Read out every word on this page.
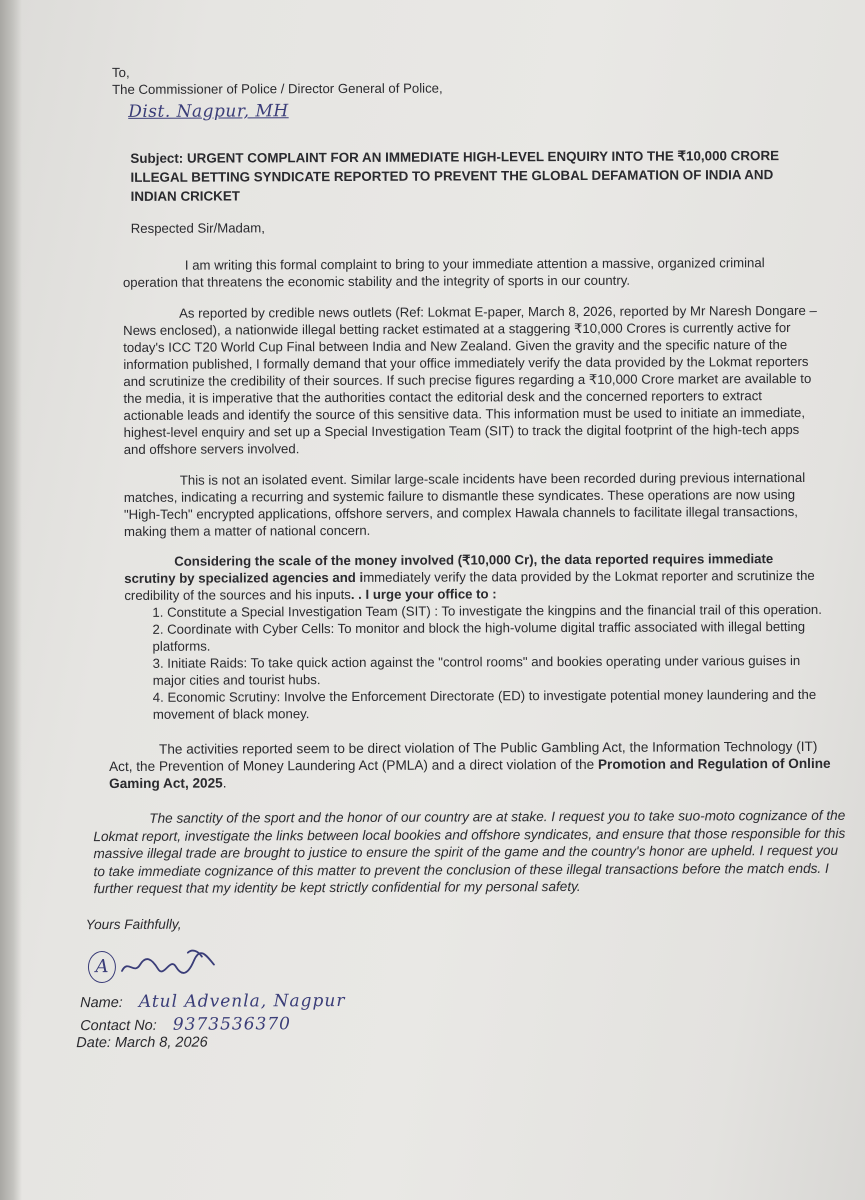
To,
The Commissioner of Police / Director General of Police,
Dist. Nagpur, MH
Subject: URGENT COMPLAINT FOR AN IMMEDIATE HIGH-LEVEL ENQUIRY INTO THE ₹10,000 CRORE ILLEGAL BETTING SYNDICATE REPORTED TO PREVENT THE GLOBAL DEFAMATION OF INDIA AND INDIAN CRICKET
Respected Sir/Madam,

I am writing this formal complaint to bring to your immediate attention a massive, organized criminal operation that threatens the economic stability and the integrity of sports in our country.

As reported by credible news outlets (Ref: Lokmat E-paper, March 8, 2026, reported by Mr Naresh Dongare – News enclosed), a nationwide illegal betting racket estimated at a staggering ₹10,000 Crores is currently active for today's ICC T20 World Cup Final between India and New Zealand. Given the gravity and the specific nature of the information published, I formally demand that your office immediately verify the data provided by the Lokmat reporters and scrutinize the credibility of their sources. If such precise figures regarding a ₹10,000 Crore market are available to the media, it is imperative that the authorities contact the editorial desk and the concerned reporters to extract actionable leads and identify the source of this sensitive data. This information must be used to initiate an immediate, highest-level enquiry and set up a Special Investigation Team (SIT) to track the digital footprint of the high-tech apps and offshore servers involved.

This is not an isolated event. Similar large-scale incidents have been recorded during previous international matches, indicating a recurring and systemic failure to dismantle these syndicates. These operations are now using "High-Tech" encrypted applications, offshore servers, and complex Hawala channels to facilitate illegal transactions, making them a matter of national concern.

Considering the scale of the money involved (₹10,000 Cr), the data reported requires immediate scrutiny by specialized agencies and immediately verify the data provided by the Lokmat reporter and scrutinize the credibility of the sources and his inputs. . I urge your office to :

1. Constitute a Special Investigation Team (SIT) : To investigate the kingpins and the financial trail of this operation.
2. Coordinate with Cyber Cells: To monitor and block the high-volume digital traffic associated with illegal betting platforms.
3. Initiate Raids: To take quick action against the "control rooms" and bookies operating under various guises in major cities and tourist hubs.
4. Economic Scrutiny: Involve the Enforcement Directorate (ED) to investigate potential money laundering and the movement of black money.

The activities reported seem to be direct violation of The Public Gambling Act, the Information Technology (IT) Act, the Prevention of Money Laundering Act (PMLA) and a direct violation of the Promotion and Regulation of Online Gaming Act, 2025.

The sanctity of the sport and the honor of our country are at stake. I request you to take suo-moto cognizance of the Lokmat report, investigate the links between local bookies and offshore syndicates, and ensure that those responsible for this massive illegal trade are brought to justice to ensure the spirit of the game and the country's honor are upheld. I request you to take immediate cognizance of this matter to prevent the conclusion of these illegal transactions before the match ends. I further request that my identity be kept strictly confidential for my personal safety.

Yours Faithfully,
A
Name: Atul Advenla, Nagpur
Contact No: 9373536370
Date: March 8, 2026
